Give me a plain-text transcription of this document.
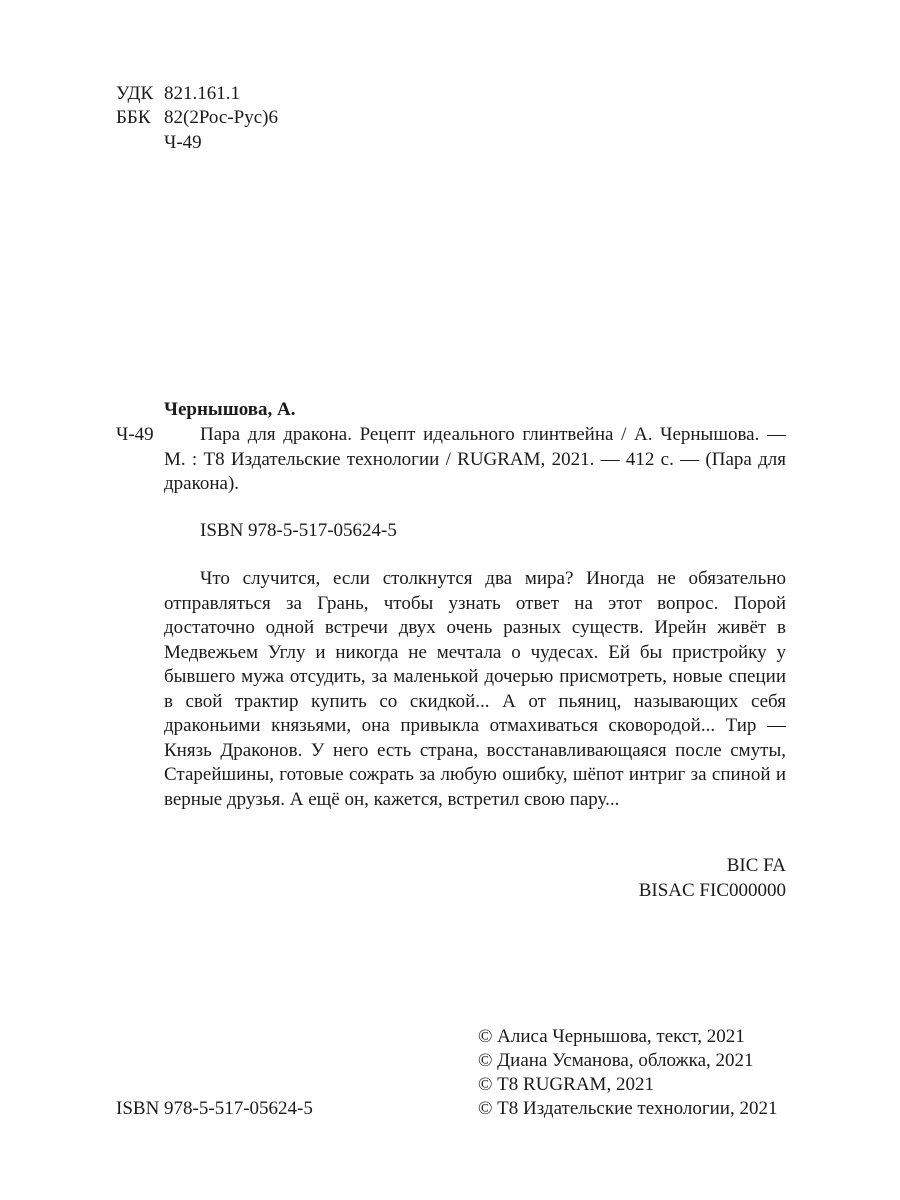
УДК 821.161.1
ББК 82(2Рос-Рус)6
Ч-49
Чернышова, А.
Ч-49	Пара для дракона. Рецепт идеального глинтвейна / А. Чернышова. — М. : Т8 Издательские технологии / RUGRAM, 2021. — 412 с. — (Пара для дракона).
ISBN 978-5-517-05624-5
Что случится, если столкнутся два мира? Иногда не обязательно отправляться за Грань, чтобы узнать ответ на этот вопрос. Порой достаточно одной встречи двух очень разных существ. Ирейн живёт в Медвежьем Углу и никогда не мечтала о чудесах. Ей бы пристройку у бывшего мужа отсудить, за маленькой дочерью присмотреть, новые специи в свой трактир купить со скидкой... А от пьяниц, называющих себя драконьими князьями, она привыкла отмахиваться сковородой... Тир — Князь Драконов. У него есть страна, восстанавливающаяся после смуты, Старейшины, готовые сожрать за любую ошибку, шёпот интриг за спиной и верные друзья. А ещё он, кажется, встретил свою пару...
BIC FA
BISAC FIC000000
ISBN 978-5-517-05624-5
© Алиса Чернышова, текст, 2021
© Диана Усманова, обложка, 2021
© Т8 RUGRAM, 2021
© Т8 Издательские технологии, 2021
